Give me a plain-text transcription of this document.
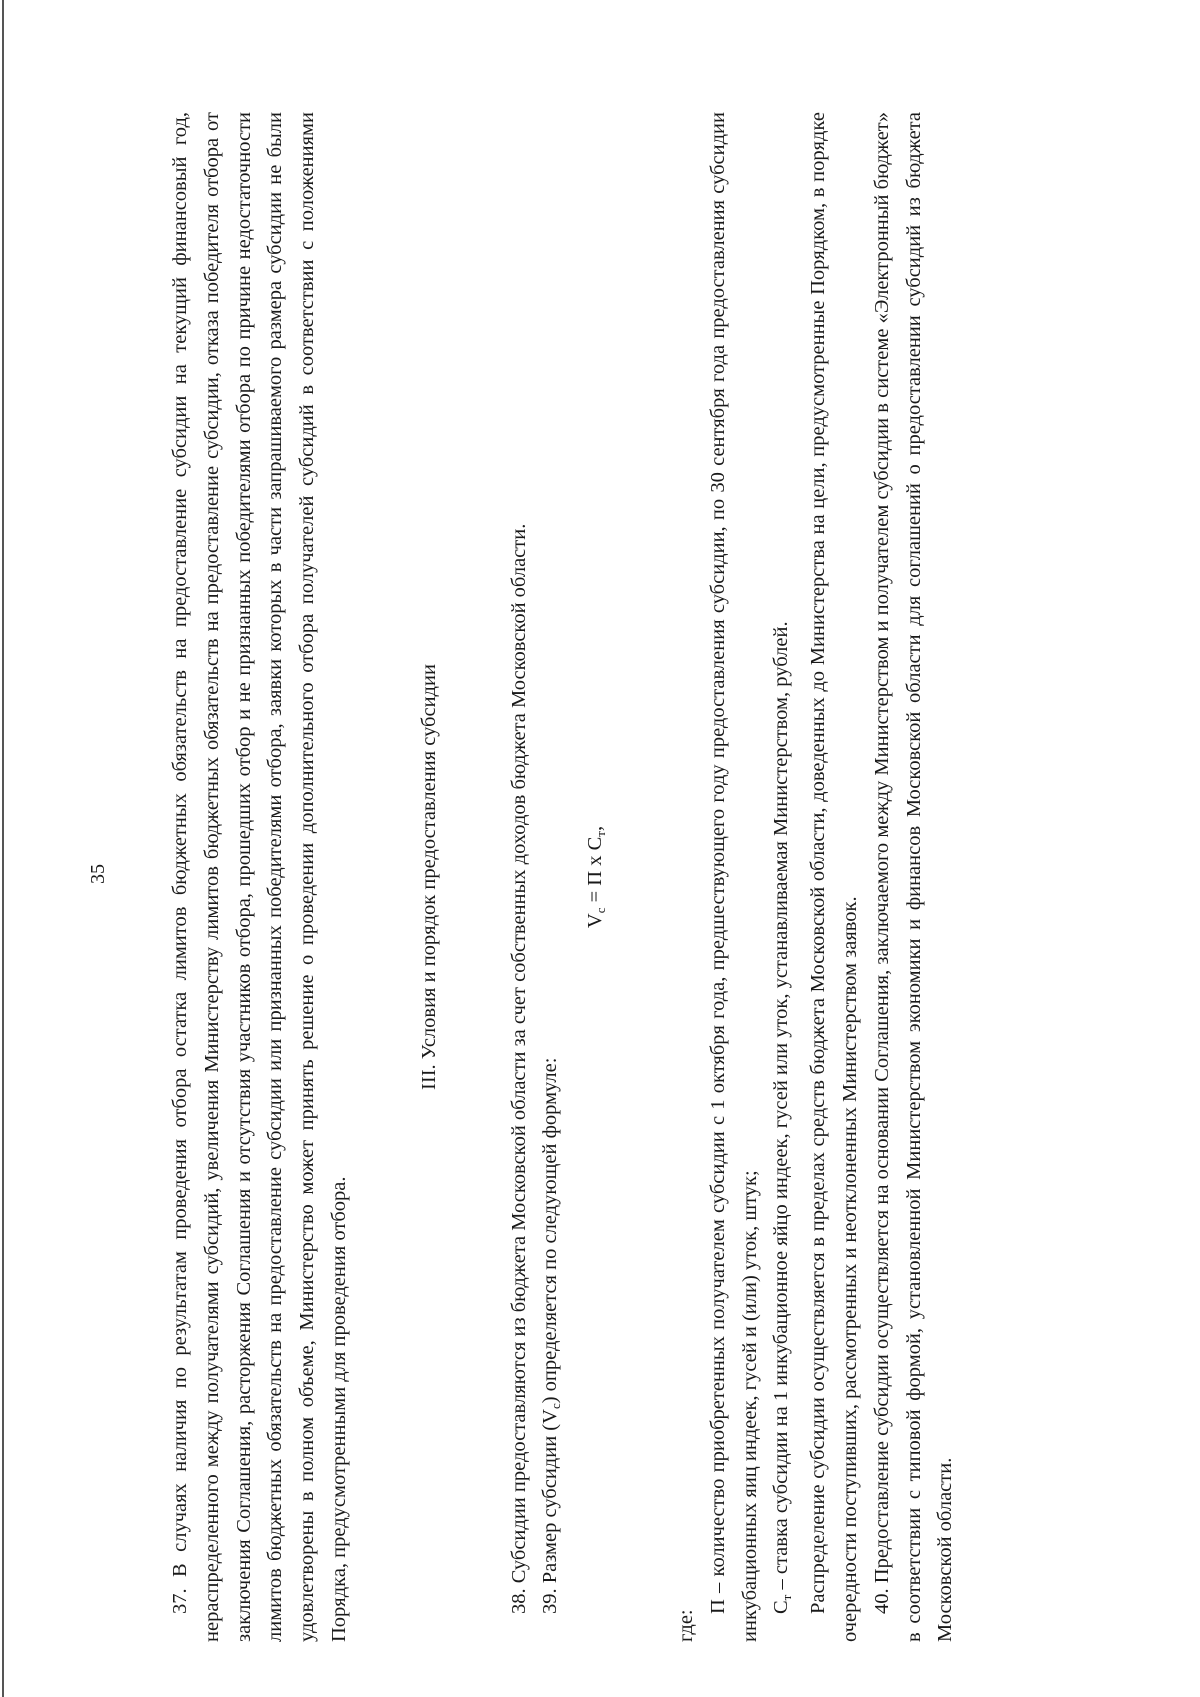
35	37. В случаях наличия по результатам проведения отбора остатка лимитов бюджетных обязательств на предоставление субсидии на текущий финансовый год, нераспределенного между получателями субсидий, увеличения Министерству лимитов бюджетных обязательств на предоставление субсидии, отказа победителя отбора от заключения Соглашения, расторжения Соглашения и отсутствия участников отбора, прошедших отбор и не признанных победителями отбора по причине недостаточности лимитов бюджетных обязательств на предоставление субсидии или признанных победителями отбора, заявки которых в части запрашиваемого размера субсидии не были удовлетворены в полном объеме, Министерство может принять решение о проведении дополнительного отбора получателей субсидий в соответствии с положениями Порядка, предусмотренными для проведения отбора.

III. Условия и порядок предоставления субсидии	38. Субсидии предоставляются из бюджета Московской области за счет собственных доходов бюджета Московской области. 39. Размер субсидии $(V_с)$ определяется по следующей формуле:

$V_с = П$ х $С_т$,

где:

П – количество приобретенных получателем субсидии с 1 октября года, предшествующего году предоставления субсидии, по 30 сентября года предоставления субсидии инкубационных яиц индеек, гусей и (или) уток, штук; $С_т$ – ставка субсидии на 1 инкубационное яйцо индеек, гусей или уток, устанавливаемая Министерством, рублей. Распределение субсидии осуществляется в пределах средств бюджета Московской области, доведенных до Министерства на цели, предусмотренные Порядком, в порядке очередности поступивших, рассмотренных и неотклоненных Министерством заявок. 40. Предоставление субсидии осуществляется на основании Соглашения, заключаемого между Министерством и получателем субсидии в системе «Электронный бюджет» в соответствии с типовой формой, установленной Министерством экономики и финансов Московской области для соглашений о предоставлении субсидий из бюджета Московской области.
